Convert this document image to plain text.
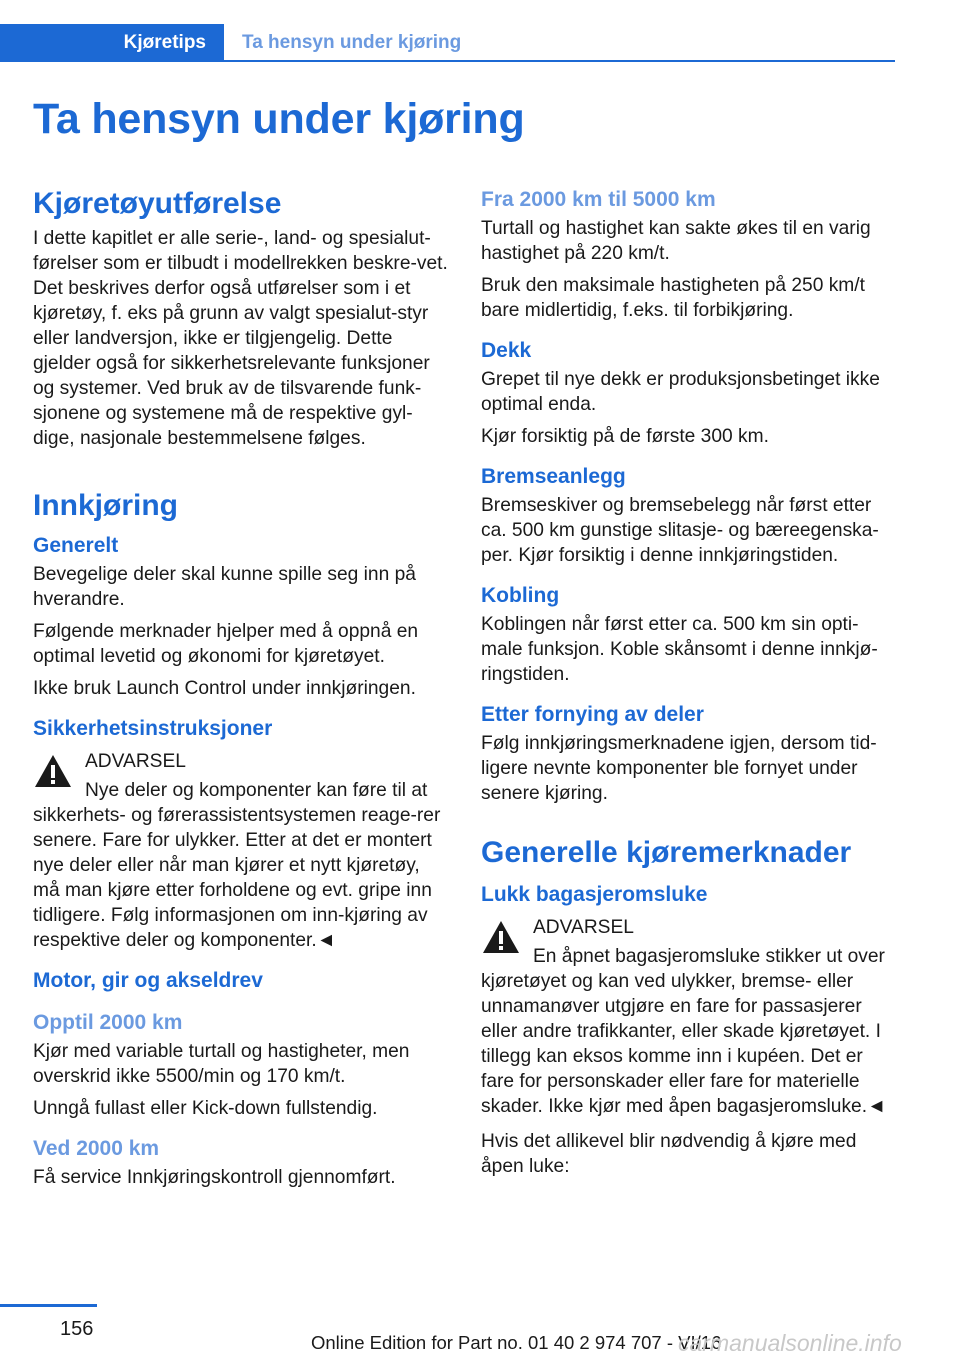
Kjøretips	Ta hensyn under kjøring
Ta hensyn under kjøring
Kjøretøyutførelse

I dette kapitlet er alle serie-, land- og spesialut-førelser som er tilbudt i modellrekken beskre-vet. Det beskrives derfor også utførelser som i et kjøretøy, f. eks på grunn av valgt spesialut-styr eller landversjon, ikke er tilgjengelig. Dette gjelder også for sikkerhetsrelevante funksjoner og systemer. Ved bruk av de tilsvarende funk-sjonene og systemene må de respektive gyl-dige, nasjonale bestemmelsene følges.

Innkjøring
Generelt

Bevegelige deler skal kunne spille seg inn på hverandre.

Følgende merknader hjelper med å oppnå en optimal levetid og økonomi for kjøretøyet.

Ikke bruk Launch Control under innkjøringen.

Sikkerhetsinstruksjoner
ADVARSEL

Nye deler og komponenter kan føre til at sikkerhets- og førerassistentsystemen reage-rer senere. Fare for ulykker. Etter at det er montert nye deler eller når man kjører et nytt kjøretøy, må man kjøre etter forholdene og evt. gripe inn tidligere. Følg informasjonen om inn-kjøring av respektive deler og komponenter.◄

Motor, gir og akseldrev
Opptil 2000 km

Kjør med variable turtall og hastigheter, men overskrid ikke 5500/min og 170 km/t.

Unngå fullast eller Kick-down fullstendig.

Ved 2000 km

Få service Innkjøringskontroll gjennomført.

Fra 2000 km til 5000 km

Turtall og hastighet kan sakte økes til en varig hastighet på 220 km/t.

Bruk den maksimale hastigheten på 250 km/t bare midlertidig, f.eks. til forbikjøring.

Dekk

Grepet til nye dekk er produksjonsbetinget ikke optimal enda.

Kjør forsiktig på de første 300 km.

Bremseanlegg

Bremseskiver og bremsebelegg når først etter ca. 500 km gunstige slitasje- og bæreegenska-per. Kjør forsiktig i denne innkjøringstiden.

Kobling

Koblingen når først etter ca. 500 km sin opti-male funksjon. Koble skånsomt i denne innkjø-ringstiden.

Etter fornying av deler

Følg innkjøringsmerknadene igjen, dersom tid-ligere nevnte komponenter ble fornyet under senere kjøring.

Generelle kjøremerknader
Lukk bagasjeromsluke
ADVARSEL

En åpnet bagasjeromsluke stikker ut over kjøretøyet og kan ved ulykker, bremse- eller unnamanøver utgjøre en fare for passasjerer eller andre trafikkanter, eller skade kjøretøyet. I tillegg kan eksos komme inn i kupéen. Det er fare for personskader eller fare for materielle skader. Ikke kjør med åpen bagasjeromsluke.◄

Hvis det allikevel blir nødvendig å kjøre med åpen luke:

156
Online Edition for Part no. 01 40 2 974 707 - VI/16
carmanualsonline.info
